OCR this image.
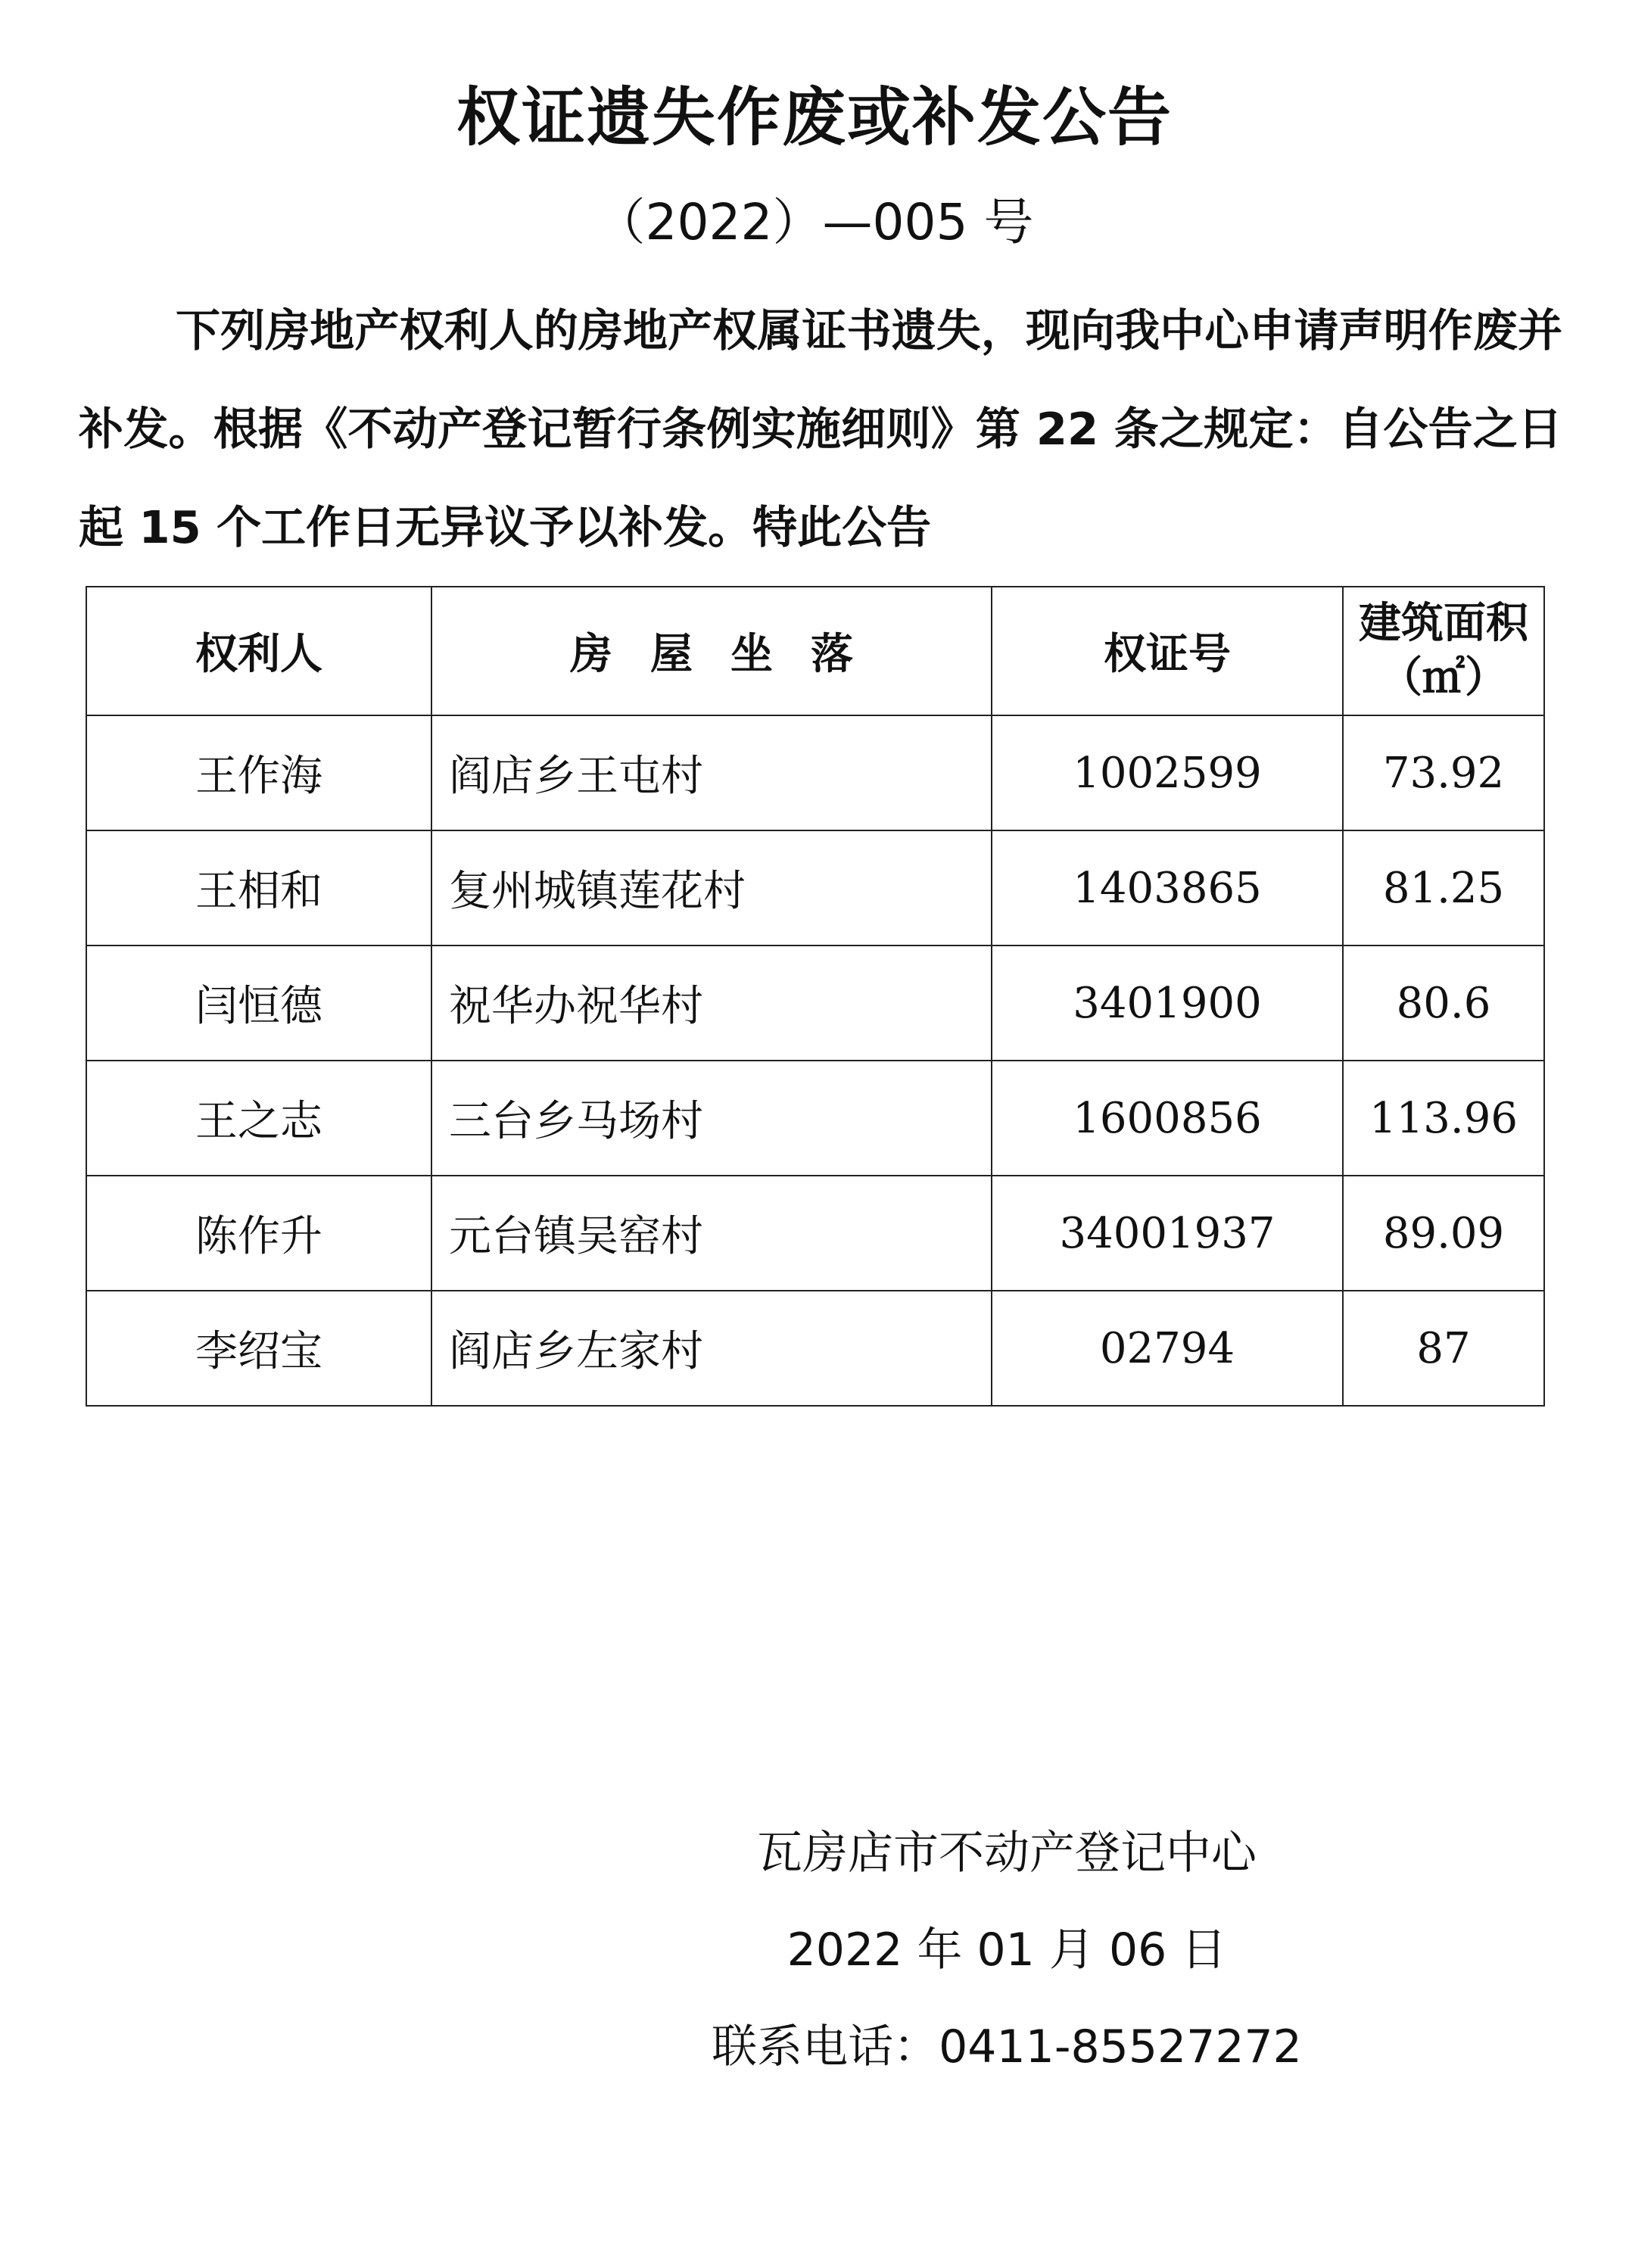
权证遗失作废或补发公告
（2022）—005 号

下列房地产权利人的房地产权属证书遗失，现向我中心申请声明作废并补发。根据《不动产登记暂行条例实施细则》第 22 条之规定：自公告之日起 15 个工作日无异议予以补发。特此公告

权利人	房屋坐落	权证号	建筑面积
（㎡）

王作海	阎店乡王屯村	1002599	73.92
王相和	复州城镇莲花村	1403865	81.25
闫恒德	祝华办祝华村	3401900	80.6
王之志	三台乡马场村	1600856	113.96
陈作升	元台镇吴窑村	34001937	89.09
李绍宝	阎店乡左家村	02794	87
瓦房店市不动产登记中心
2022 年 01 月 06 日
联系电话：0411-85527272
